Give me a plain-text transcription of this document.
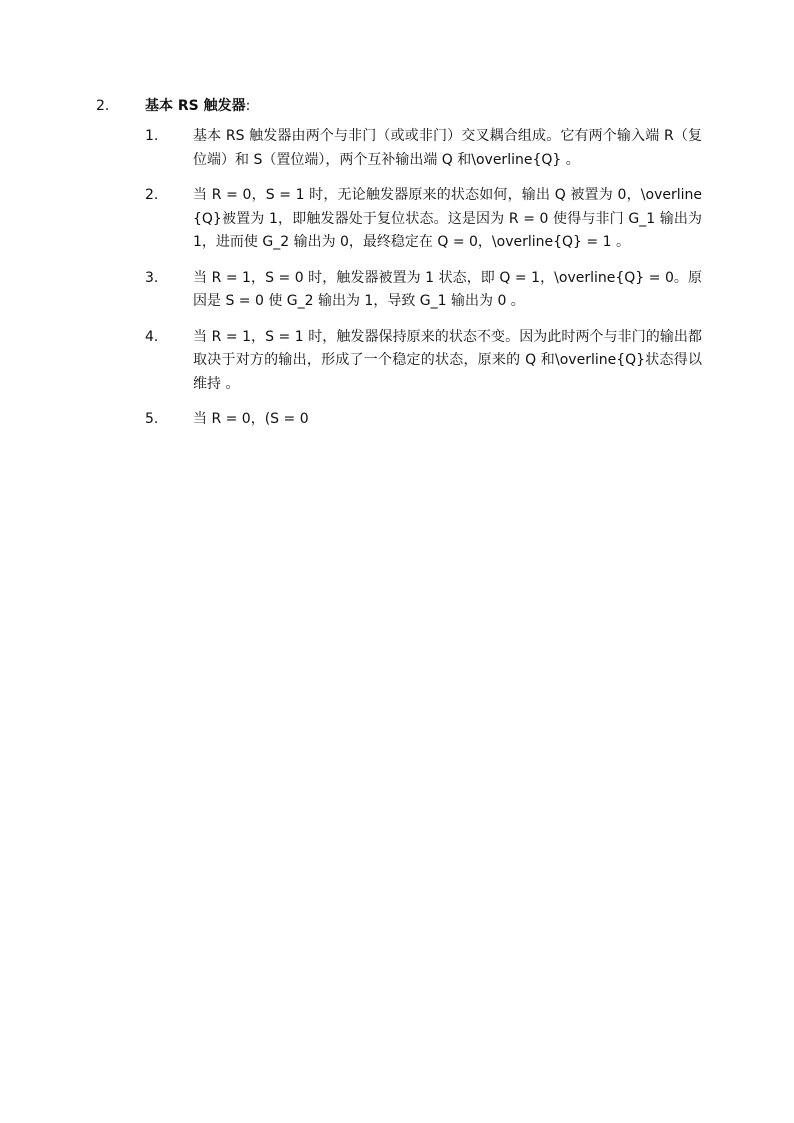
2.	基本 RS 触发器:
1.	基本 RS 触发器由两个与非门（或或非门）交叉耦合组成。它有两个输入端 R（复位端）和 S（置位端），两个互补输出端 Q 和\overline{Q} 。
2.	当 R = 0，S = 1 时，无论触发器原来的状态如何，输出 Q 被置为 0，\overline{Q}被置为 1，即触发器处于复位状态。这是因为 R = 0 使得与非门 G_1 输出为 1，进而使 G_2 输出为 0，最终稳定在 Q = 0，\overline{Q} = 1 。
3.	当 R = 1，S = 0 时，触发器被置为 1 状态，即 Q = 1，\overline{Q} = 0。原因是 S = 0 使 G_2 输出为 1，导致 G_1 输出为 0 。
4.	当 R = 1，S = 1 时，触发器保持原来的状态不变。因为此时两个与非门的输出都取决于对方的输出，形成了一个稳定的状态，原来的 Q 和\overline{Q}状态得以维持 。
5.	当 R = 0，(S = 0
